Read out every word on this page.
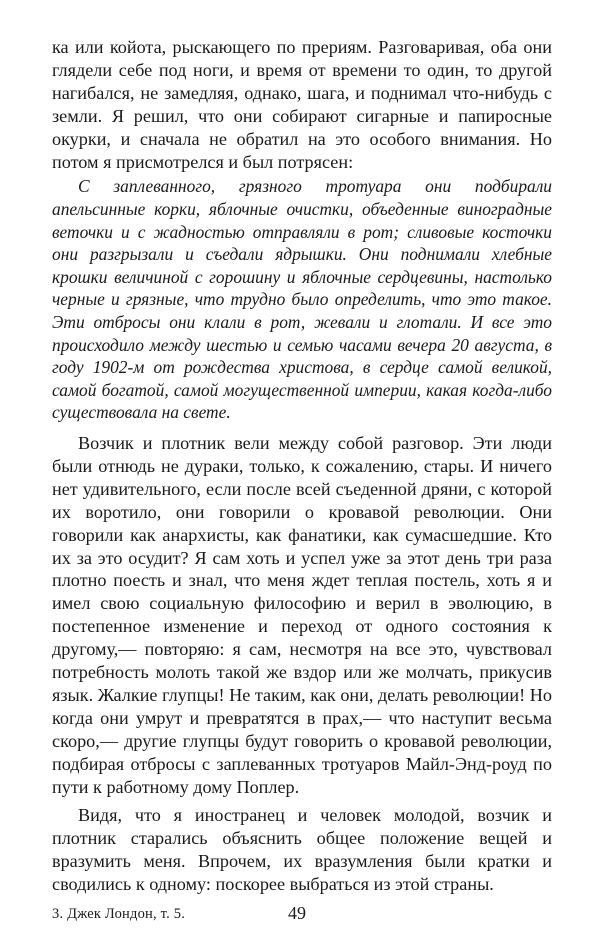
ка или койота, рыскающего по прериям. Разговаривая, оба они глядели себе под ноги, и время от времени то один, то другой нагибался, не замедляя, однако, шага, и поднимал что-нибудь с земли. Я решил, что они собирают сигарные и папиросные окурки, и сначала не обратил на это особого внимания. Но потом я присмотрелся и был потрясен:

С заплеванного, грязного тротуара они подбирали апельсинные корки, яблочные очистки, объеденные виноградные веточки и с жадностью отправляли в рот; сливовые косточки они разгрызали и съедали ядрышки. Они поднимали хлебные крошки величиной с горошину и яблочные сердцевины, настолько черные и грязные, что трудно было определить, что это такое. Эти отбросы они клали в рот, жевали и глотали. И все это происходило между шестью и семью часами вечера 20 августа, в году 1902-м от рождества христова, в сердце самой великой, самой богатой, самой могущественной империи, какая когда-либо существовала на свете.

Возчик и плотник вели между собой разговор. Эти люди были отнюдь не дураки, только, к сожалению, стары. И ничего нет удивительного, если после всей съеденной дряни, с которой их воротило, они говорили о кровавой революции. Они говорили как анархисты, как фанатики, как сумасшедшие. Кто их за это осудит? Я сам хоть и успел уже за этот день три раза плотно поесть и знал, что меня ждет теплая постель, хоть я и имел свою социальную философию и верил в эволюцию, в постепенное изменение и переход от одного состояния к другому,— повторяю: я сам, несмотря на все это, чувствовал потребность молоть такой же вздор или же молчать, прикусив язык. Жалкие глупцы! Не таким, как они, делать революции! Но когда они умрут и превратятся в прах,— что наступит весьма скоро,— другие глупцы будут говорить о кровавой революции, подбирая отбросы с заплеванных тротуаров Майл-Энд-роуд по пути к работному дому Поплер.

Видя, что я иностранец и человек молодой, возчик и плотник старались объяснить общее положение вещей и вразумить меня. Впрочем, их вразумления были кратки и сводились к одному: поскорее выбраться из этой страны.

3. Джек Лондон, т. 5.	49
